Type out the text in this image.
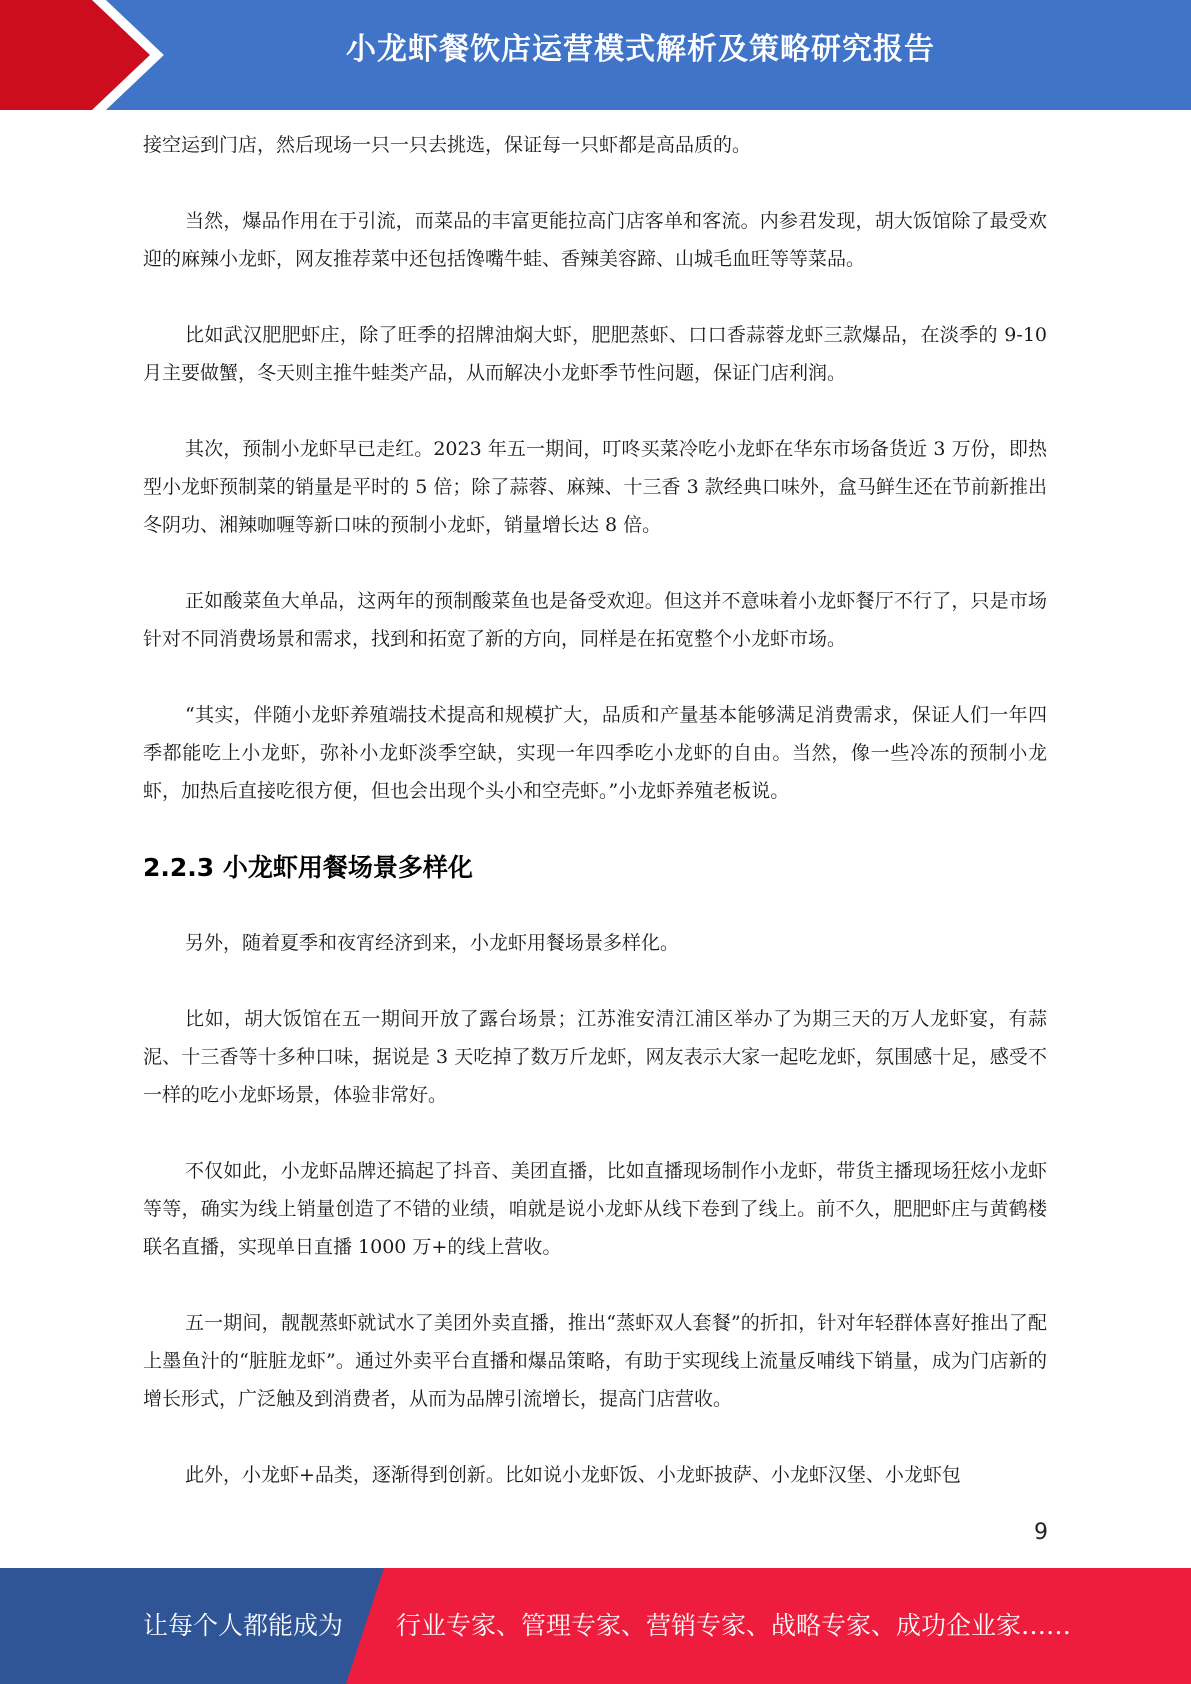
小龙虾餐饮店运营模式解析及策略研究报告

接空运到门店，然后现场一只一只去挑选，保证每一只虾都是高品质的。

当然，爆品作用在于引流，而菜品的丰富更能拉高门店客单和客流。内参君发现，胡大饭馆除了最受欢迎的麻辣小龙虾，网友推荐菜中还包括馋嘴牛蛙、香辣美容蹄、山城毛血旺等等菜品。

比如武汉肥肥虾庄，除了旺季的招牌油焖大虾，肥肥蒸虾、口口香蒜蓉龙虾三款爆品，在淡季的 9-10 月主要做蟹，冬天则主推牛蛙类产品，从而解决小龙虾季节性问题，保证门店利润。

其次，预制小龙虾早已走红。2023 年五一期间，叮咚买菜冷吃小龙虾在华东市场备货近 3 万份，即热型小龙虾预制菜的销量是平时的 5 倍；除了蒜蓉、麻辣、十三香 3 款经典口味外，盒马鲜生还在节前新推出冬阴功、湘辣咖喱等新口味的预制小龙虾，销量增长达 8 倍。

正如酸菜鱼大单品，这两年的预制酸菜鱼也是备受欢迎。但这并不意味着小龙虾餐厅不行了，只是市场针对不同消费场景和需求，找到和拓宽了新的方向，同样是在拓宽整个小龙虾市场。

“其实，伴随小龙虾养殖端技术提高和规模扩大，品质和产量基本能够满足消费需求，保证人们一年四季都能吃上小龙虾，弥补小龙虾淡季空缺，实现一年四季吃小龙虾的自由。当然，像一些冷冻的预制小龙虾，加热后直接吃很方便，但也会出现个头小和空壳虾。”小龙虾养殖老板说。

2.2.3 小龙虾用餐场景多样化

另外，随着夏季和夜宵经济到来，小龙虾用餐场景多样化。

比如，胡大饭馆在五一期间开放了露台场景；江苏淮安清江浦区举办了为期三天的万人龙虾宴，有蒜泥、十三香等十多种口味，据说是 3 天吃掉了数万斤龙虾，网友表示大家一起吃龙虾，氛围感十足，感受不一样的吃小龙虾场景，体验非常好。

不仅如此，小龙虾品牌还搞起了抖音、美团直播，比如直播现场制作小龙虾，带货主播现场狂炫小龙虾等等，确实为线上销量创造了不错的业绩，咱就是说小龙虾从线下卷到了线上。前不久，肥肥虾庄与黄鹤楼联名直播，实现单日直播 1000 万+的线上营收。

五一期间，靓靓蒸虾就试水了美团外卖直播，推出“蒸虾双人套餐”的折扣，针对年轻群体喜好推出了配上墨鱼汁的“脏脏龙虾”。通过外卖平台直播和爆品策略，有助于实现线上流量反哺线下销量，成为门店新的增长形式，广泛触及到消费者，从而为品牌引流增长，提高门店营收。

此外，小龙虾+品类，逐渐得到创新。比如说小龙虾饭、小龙虾披萨、小龙虾汉堡、小龙虾包

9
让每个人都能成为 行业专家、管理专家、营销专家、战略专家、成功企业家……
